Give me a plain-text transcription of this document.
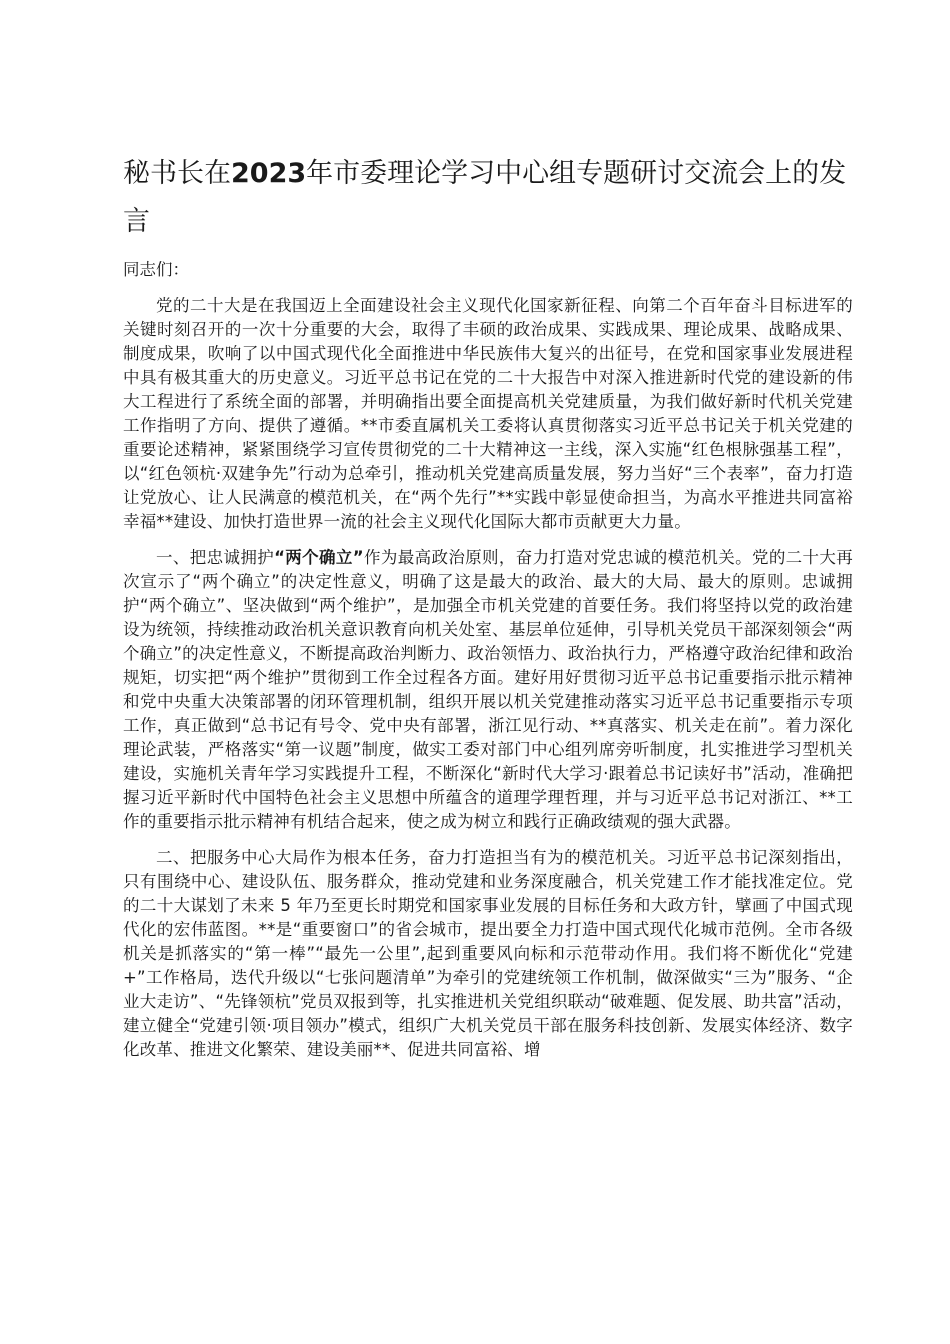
秘书长在2023年市委理论学习中心组专题研讨交流会上的发言

同志们：

党的二十大是在我国迈上全面建设社会主义现代化国家新征程、向第二个百年奋斗目标进军的关键时刻召开的一次十分重要的大会，取得了丰硕的政治成果、实践成果、理论成果、战略成果、制度成果，吹响了以中国式现代化全面推进中华民族伟大复兴的出征号，在党和国家事业发展进程中具有极其重大的历史意义。习近平总书记在党的二十大报告中对深入推进新时代党的建设新的伟大工程进行了系统全面的部署，并明确指出要全面提高机关党建质量，为我们做好新时代机关党建工作指明了方向、提供了遵循。**市委直属机关工委将认真贯彻落实习近平总书记关于机关党建的重要论述精神，紧紧围绕学习宣传贯彻党的二十大精神这一主线，深入实施“红色根脉强基工程”，以“红色领杭·双建争先”行动为总牵引，推动机关党建高质量发展，努力当好“三个表率”，奋力打造让党放心、让人民满意的模范机关，在“两个先行”**实践中彰显使命担当，为高水平推进共同富裕幸福**建设、加快打造世界一流的社会主义现代化国际大都市贡献更大力量。

一、把忠诚拥护“两个确立”作为最高政治原则，奋力打造对党忠诚的模范机关。党的二十大再次宣示了“两个确立”的决定性意义，明确了这是最大的政治、最大的大局、最大的原则。忠诚拥护“两个确立”、坚决做到“两个维护”，是加强全市机关党建的首要任务。我们将坚持以党的政治建设为统领，持续推动政治机关意识教育向机关处室、基层单位延伸，引导机关党员干部深刻领会“两个确立”的决定性意义，不断提高政治判断力、政治领悟力、政治执行力，严格遵守政治纪律和政治规矩，切实把“两个维护”贯彻到工作全过程各方面。建好用好贯彻习近平总书记重要指示批示精神和党中央重大决策部署的闭环管理机制，组织开展以机关党建推动落实习近平总书记重要指示专项工作，真正做到“总书记有号令、党中央有部署，浙江见行动、**真落实、机关走在前”。着力深化理论武装，严格落实“第一议题”制度，做实工委对部门中心组列席旁听制度，扎实推进学习型机关建设，实施机关青年学习实践提升工程，不断深化“新时代大学习·跟着总书记读好书”活动，准确把握习近平新时代中国特色社会主义思想中所蕴含的道理学理哲理，并与习近平总书记对浙江、**工作的重要指示批示精神有机结合起来，使之成为树立和践行正确政绩观的强大武器。

二、把服务中心大局作为根本任务，奋力打造担当有为的模范机关。习近平总书记深刻指出，只有围绕中心、建设队伍、服务群众，推动党建和业务深度融合，机关党建工作才能找准定位。党的二十大谋划了未来 5 年乃至更长时期党和国家事业发展的目标任务和大政方针，擘画了中国式现代化的宏伟蓝图。**是“重要窗口”的省会城市，提出要全力打造中国式现代化城市范例。全市各级机关是抓落实的“第一棒”“最先一公里”,起到重要风向标和示范带动作用。我们将不断优化“党建 +”工作格局，迭代升级以“七张问题清单”为牵引的党建统领工作机制，做深做实“三为”服务、“企业大走访”、“先锋领杭”党员双报到等，扎实推进机关党组织联动“破难题、促发展、助共富”活动，建立健全“党建引领·项目领办”模式，组织广大机关党员干部在服务科技创新、发展实体经济、数字化改革、推进文化繁荣、建设美丽**、促进共同富裕、增
